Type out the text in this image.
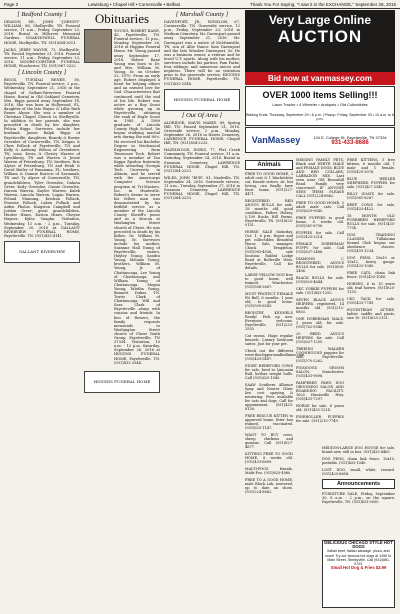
Page 2	Lewisburg • Chapel Hill • Cornersville • Belfast	Thank You For Saying, "I saw it in the EXCHANGE," September 28, 2016
[ Bedford County ]
DEASON, SR., JOHN "JOHNNY" WILLIAM, 88, Shelbyville, TN. Funeral service, 11 a.m., Friday, September 23, 2016. Burial in Hillcrest Memorial Gardens. DOAK-HOWELL FUNERAL HOME, Shelbyville, TN. (931)684-3011.
JACKS, JERRY WAYNE, 73, Shelbyville, TN. Passed September 21, 2016. Funeral service, 11 a.m., Friday, September 23, 2016. MOORE-CORTNER FUNERAL HOME, Winchester, TN. (931)967-2222.
[ Lincoln County ]
BIGGS, TUESDAI RENEE, 56, Fayetteville, TN. Funeral service, 2 p.m., Wednesday, September 21, 2016 in the chapel of Gallant-Riverview Funeral Home. Burial in Old Oakland Cemetery. Mrs. Biggs passed away September 18, 2016. She was born in Hollywood, FL, daughter of the late Wayne & Lillie Ruth Renee Alyser. She was a member of Christian Chapel Church in Shelbyville. In addition to her parents, she was preceded in death by her daughter, Felicia Biggs. Survivors include her husband, James Ralph Biggs of Fayetteville; daughters, Brandy & Buster Greenlee of Cornersville, TN, Keigan & Chris Pollack of Fayetteville, TN and Kelly & Anthony Wilson of Greenbrier, TN; sons, Kevin & Christy Warren of Lynchburg, TN and Warren & Jessie Warren of Petersburg, TN; brothers, Eric Alyser of Petersburg, TN and Heidi & David Butler of Panamma, FL; brothers, William & Donnie Burrow of Savannah, TN and Ty Alyser of Cornersville, TN; grandchildren, Tyler Greenlee, Dakota Greer, Kody Greenlee, Cassie Greenlee, Darson Warren, Kaylee Warren, Kaleb Warren, Lincoln Warren, Logan Warren, Feland Manning, Kristian Pollack, Promise Pollack, Laken Pollack and Aiden Pholus. Kingston Campbell and Jordan Greer; great grandchildren, Hunter Hines, Easton Hines, Cheyne Haynes, Kylea Vaughn. Visitation, Wednesday, 11 a.m. - 2 p.m., Tuesday, September 20, 2016 at GALLANT-RIVERVIEW FUNERAL HOME, Fayetteville, TN. (931)433-4141.
GALLANT RIVERVIEW
Obituaries
YOUNG, ROBERT RANE, 45, Fayetteville, TN. Funeral service, 12 p.m., Monday, September 26, 2016 at Higgins Funeral Home. Mr. Young passed away September 17, 2016. Robert Rane Young was born to Dr. and Mrs. William M. Young, Sr. on October 22, 1970. From an early age, Robert displayed a heart for helping others and an earnest love for God. Characteristics that continued until the end of his life. Robert was active as a Boy Scout while growing up in Fayetteville, attaining the rank of Eagle Scout in 1985. A 1989 graduate of Lincoln County High School, he began studying martial arts during the mid 80's. He received his Bachelor Degree in Mechanical Engineering from Tennessee Tech. Robert was a member of Tau Kappa Epsilon fraternity while attending Georgia Tech University in Atlanta, and he served with the Americorps Computer Science program at Tri-Masters, Inc. in Huntsville. Robert's desire to serve his fellow man was demonstrated by his faithful service as a member of the Lincoln County Sheriff's posse and as a deacon at Washington Street church of Christ. He was preceded in death by his father, Dr. William M. Young, Sr. Survivors include his mother, Suzanne Hall Young of Fayetteville; sisters, Hayley Young, Sandra Young, Melanie Young; brothers, William M. Young, Jr. of Chattanooga, Lee Young of Chattanooga, and William Young of Chattanooga. Megan Young, Tabitha Young, Bennett Dukes, TN. Travis Clark of Chattanooga, Will and Sara Clark of Fayetteville along with cousins and friends. In lieu of flowers, the family requests memorials to Washington Street church of Christ Youth Group, Fayetteville, TN 37334. Visitation, 10 a.m. - 12 p.m. Saturday, September 26, 2016 at HIGGINS FUNERAL HOME, Fayetteville, TN. (931)433-2544.
HIGGINS FUNERAL HOME
[ Marshall County ]
DAVENPORT, JR., WINSLOW, 67, Cornersville, TN. Graveside service, 12 p.m., Friday, September 23, 2016 in Medium Cemetery. Mr. Davenport passed away September 21, 2016. Mr. Davenport was a native of McMinnville, TN, son of Allie Nance Sam Davenport and the late Winslow Davenport, Sr. He was a business owner, a veteran and he loved U.T. sports. Along with his mother, survivors include his partner, Pam Parks; four siblings; and numerous nieces and nephews. There will be no visitation prior to the graveside service. HIGGINS FUNERAL HOME, Fayetteville, TN. (931)433-2544.
HIGGINS FUNERAL HOME
[ Out Of Area ]
ALDRIDGE, MAVIS MARIE, 89, Spring Hill, TN. Passed September 21, 2016. Graveside service, 2 p.m., Monday, September 26, 2016 in Harris Cemetery. LAWRENCE FUNERAL HOME, Chapel Hill, TN. (931)364-2233.
HAZELWOOD, DORIS, 77, Flat Creek Community, TN. Funeral service, 11 a.m. Saturday, September 24, 2016. Burial in Swanson Cemetery. LAWRENCE FUNERAL HOME, Chapel Hill, TN. (931)364-2233.
WILES, JOHN "BUB", 81, Nashville, TN. September 24, 2016. Graveside service, 11 a.m., Tuesday, September 27, 2016 in Swanson Cemetery. LAWRENCE FUNERAL HOME, Chapel Hill, TN. (931)364-2233.
Very Large Online
AUCTION
Bid now at vanmassey.com
OVER 1000 Items Selling!!!
Lawn Tractor • 4 Wheeler • Antiques • Old Collectibles
Bidding Ends: Thursday, September 29 • 6 p.m. | Pickup: Friday, September 30 • 10 a.m. to 6 p.m.
VanMassey	104 E. College St. Fayetteville, TN 37334
931-433-8686
Animals
FREE TO GOOD HOME, 2 adult cats & 1 black/white cat, female sisters, sit, but loving, can finally have their home. (931)527-4471.
REGISTERED RED ANGUS BULLS for sale, 18 months old, good condition, Father Holsey, 5,100 Bucks Hill Farms, Fayetteville, TN. (931)625-0151.
HORSE SALE Saturday, Oct. 1, 6 p.m. Ropes and pet collectibles Beautiful Horse Sale, manager, Chuck Templeton, (931)993-4936, sale location: Rabbit Lodge Road at Belleville West, Fayetteville. Call for details.
LARGE YELLOW DOG free to good home, well trained. Winchester. (931)508-2667.
MUST PROTECT FEMALE Pit Bull, 6 months, 1 year old, to good home. (931)509-6543.
REGISTRY KENNELS Ready! Pick up now. Everyone welcome. Fayetteville. (931)233-1555.
Cat rooms. Huge regular kennels. Luxury bedroom suites. Just for your pet.
Check out the different www.theclippersandbellanes.com (931)433-0487.
EIGHT HEREFORD COWS for sale, bred to Limousin Bull, heifers weight bulls. Call (931)625-1040.
SAAW Southern Alliance Spay and Neuter Clinic low cost spaying & neutering. Fees available for cats and dogs. Call for appointment. (931)433-8128.
FREE RESCUE KITTEN to approved home, litter box trained, vaccinated. (931)625-1147.
WANT TO BUY cows, sheep, chickens and guineas. Call (931)627-4677.
KITTENS FREE TO GOOD HOME, 8 weeks old. (931)433-6899.
MALTI-POOS female, Malti-Poo. (931)625-4980.
FREE TO A GOOD HOME, male Black Lab, neutered, up to date on shots. (931)224-8862.
MISSING FAMILY PETS, Black and WHITE MALE and FEMALE DOGS, BLUE AND RED COLLARS, LABRADOR MIX. Last seen near Old Boonshill Road. Family very concerned. IF ANYONE SEES THEM PLEASE CALL (931)224-8862.
FREE TO GOOD HOME, 2 adult male cats. Call (931)629-9045.
FREE PUPPIES to good home, 8 weeks old. (931)561-8756.
PUPPIES for sale. Call (931)425-2214.
FEMALE DOBERMAN PUPPY for sale. Call (931)637-2486.
DIAMOND C REGISTERED ANGUS BULLS for sale. (931)638-3406.
BLACK BULLS for sale. (931)625-4644.
CKC YORKIE PUPPIES for sale. (931)433-1255.
SEVEN BLACK ANGUS HEIFERS, registered, 14 months old. (931)212-8803.
ONE DOBERMAN MALE, 3 years old, for sale. (931)762-5546.
20 BRED ANGUS HEIFERS for sale. Call (931)637-1255.
TREEING WALKER COONHOUND puppies for sale, Fayetteville. (931)570-2262.
PIGS/DOGS GROOM SALON, Manchester. (931)433-9696.
PAMPERED PAWS DOG GROOMING SALON AND BOARDING FACILITY. 1625 Huntsville Hwy. (931)433-7297.
HORSE for sale, 6 years old. (931)433-1214.
PINEHOLLER PUPPIES for sale. (931)213-7749.
FREE KITTENS, 5 free kittens, 6 months old, 1 male and 1 female. (931)429-3076.
BLUE HEELER SHEPHERD PUPPIES for sale. (931)427-3345.
BILLY GOATS for sale. (931)561-8267.
BEEF COWS for sale. (931)433-4422.
18 MONTH OLD PUREBRED HEREFORD BULLS for sale. (931)433-7754.
DOG TRAINING CLASSES. Tullahoma Kennel Club begins our obedience classes. (931)455-1234.
DOG PENS, 10x10 or 10x12, heavy gauge. (931)433-1040.
FREE CATS, chain link fence. (931)433-1040.
HORSES, 6 to 10 years old, trail horses. (931)625-1150.
UKC TACK for sale. (931)433-7749.
EQUESTRIAN ATTIRE, ladies' saddle and pants, size 10. (931)625-2121.
MEDIUM-LARGE DOG HOUSE for sale, brand new, still in box. (931)433-4465.
DOG PENS, chain link fence, 10x10, portable. (931)433-1040.
LOST DOG, small, white, reward. (931)425-6658.
Announcements
FURNITURE SALE, Friday, September 30, 8 a.m. - 2 p.m., on the square, Fayetteville, TN. (931)433-0000.
DELICIOUS CHICAGO STYLE HOT DOGS
Italian beef, Italian sausage, pizza, and more! Try our famous hot dogs at 1450 N. Main Street, Shelbyville. Call (931)680-0743.
Small Hot Dog & Fries $3.99
